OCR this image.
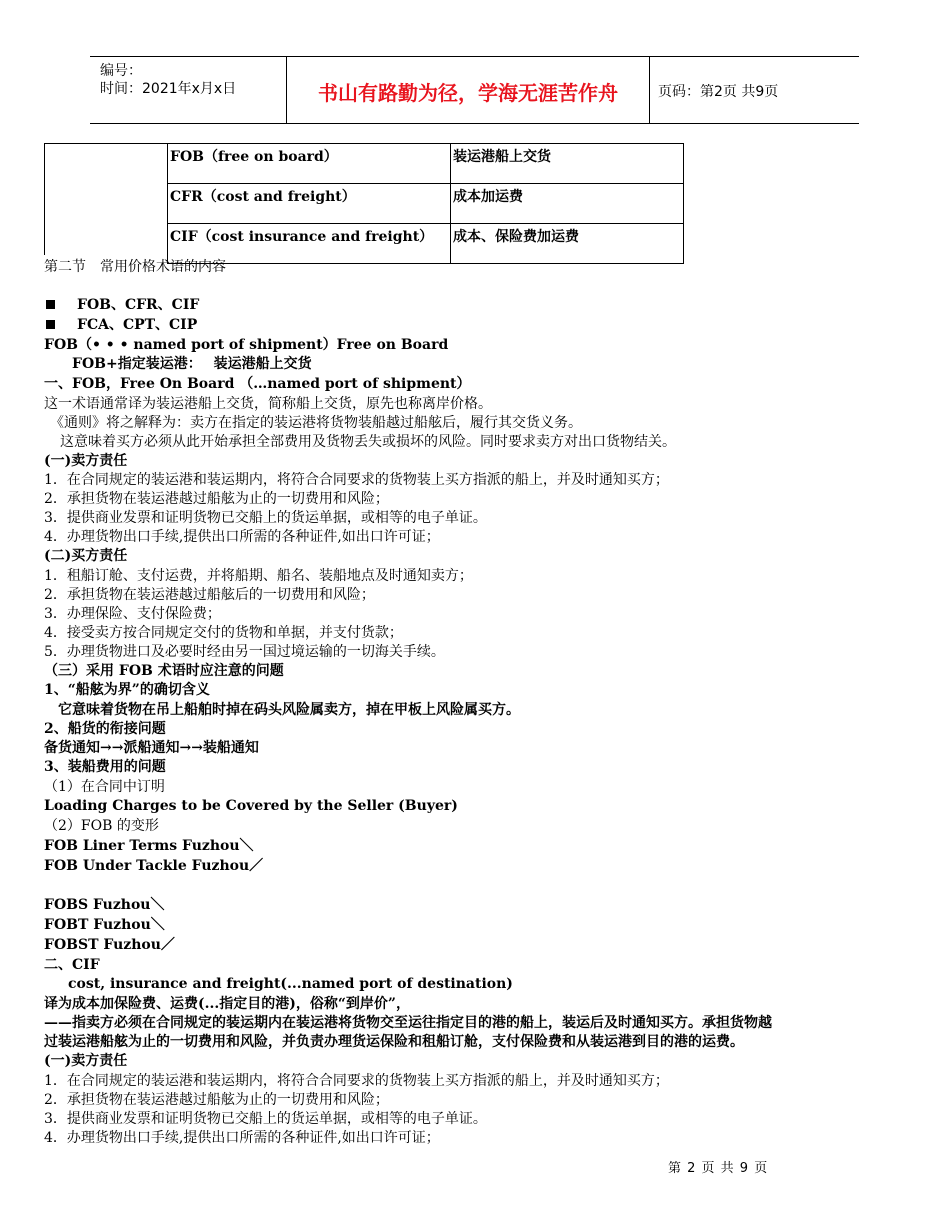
编号：
时间：2021年x月x日	书山有路勤为径，学海无涯苦作舟	页码：第2页 共9页
FOB（free on board）	装运港船上交货
CFR（cost and freight）	成本加运费
CIF（cost insurance and freight）	成本、保险费加运费
第二节　常用价格术语的内容
FOB、CFR、CIF
FCA、CPT、CIP
FOB（• • • named port of shipment）Free on Board
FOB+指定装运港：　 装运港船上交货
一、FOB，Free On Board （…named port of shipment）
这一术语通常译为装运港船上交货，简称船上交货，原先也称离岸价格。
《通则》将之解释为：卖方在指定的装运港将货物装船越过船舷后，履行其交货义务。
这意味着买方必须从此开始承担全部费用及货物丢失或损坏的风险。同时要求卖方对出口货物结关。
(一)卖方责任
1．在合同规定的装运港和装运期内，将符合合同要求的货物装上买方指派的船上，并及时通知买方；
2．承担货物在装运港越过船舷为止的一切费用和风险；
3．提供商业发票和证明货物已交船上的货运单据，或相等的电子单证。
4．办理货物出口手续,提供出口所需的各种证件,如出口许可证；
(二)买方责任
1．租船订舱、支付运费，并将船期、船名、装船地点及时通知卖方；
2．承担货物在装运港越过船舷后的一切费用和风险；
3．办理保险、支付保险费；
4．接受卖方按合同规定交付的货物和单据，并支付货款；
5．办理货物进口及必要时经由另一国过境运输的一切海关手续。
（三）采用 FOB 术语时应注意的问题
1、“船舷为界”的确切含义
它意味着货物在吊上船舶时掉在码头风险属卖方，掉在甲板上风险属买方。
2、船货的衔接问题
备货通知→→派船通知→→装船通知
3、装船费用的问题
（1）在合同中订明
Loading Charges to be Covered by the Seller (Buyer)
（2）FOB 的变形
FOB Liner Terms Fuzhou＼
FOB Under Tackle Fuzhou／
FOBS Fuzhou＼
FOBT Fuzhou＼
FOBST Fuzhou／
二、CIF
cost, insurance and freight(...named port of destination)
译为成本加保险费、运费(...指定目的港)，俗称“到岸价”，
——指卖方必须在合同规定的装运期内在装运港将货物交至运往指定目的港的船上，装运后及时通知买方。承担货物越
过装运港船舷为止的一切费用和风险，并负责办理货运保险和租船订舱，支付保险费和从装运港到目的港的运费。
(一)卖方责任
1．在合同规定的装运港和装运期内，将符合合同要求的货物装上买方指派的船上，并及时通知买方；
2．承担货物在装运港越过船舷为止的一切费用和风险；
3．提供商业发票和证明货物已交船上的货运单据，或相等的电子单证。
4．办理货物出口手续,提供出口所需的各种证件,如出口许可证；
第 2 页 共 9 页
